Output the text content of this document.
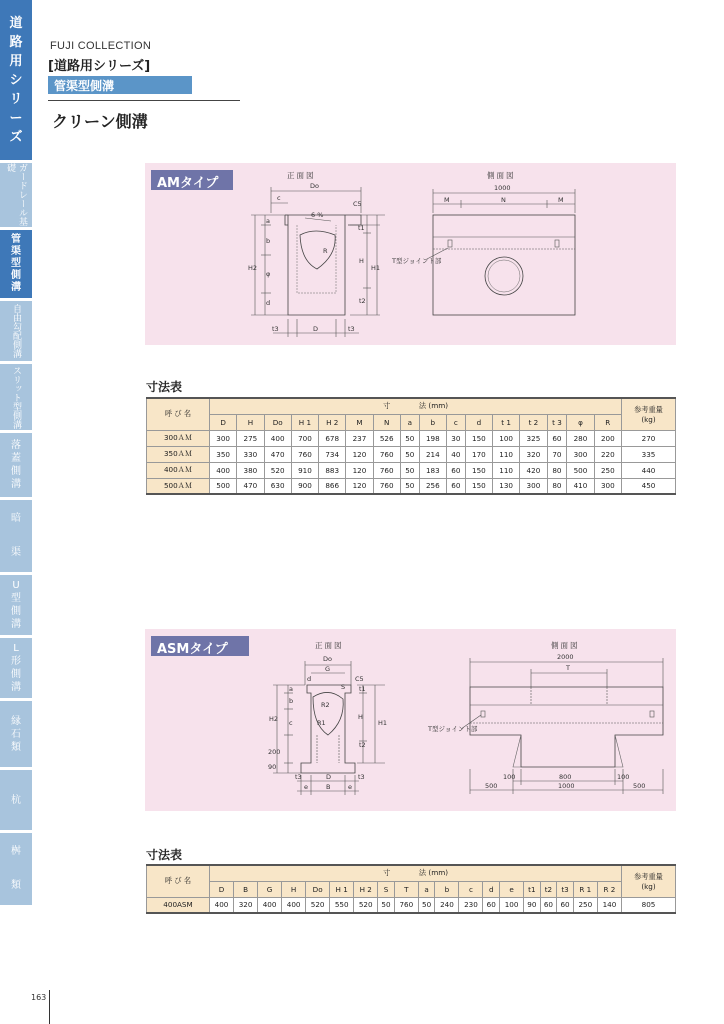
道
路
用
シ
リ
ー
ズ
ガードレール基礎
管
渠
型
側
溝
自由勾配側溝
スリット型側溝
落
蓋
側
溝
暗
渠
U
型
側
溝
L
形
側
溝
縁
石
類
杭
桝
類
FUJI COLLECTION
[道路用シリーズ]
管渠型側溝
クリーン側溝
正面図
Do
c
6 %
C5
a
b
φ
d
R
H2
t1
H
H1
t2
t3	D	t3
側面図
1000
M	N	M
T型ジョイント部
AMタイプ
寸法表
呼 び 名	寸　　　　法 (mm)																参考重量
(kg)
	D	H	Do	H 1	H 2	M	N	a	b	c	d	t 1	t 2	t 3	φ	R	
300ＡＭ	300	275	400	700	678	237	526	50	198	30	150	100	325	60	280	200	270
350ＡＭ	350	330	470	760	734	120	760	50	214	40	170	110	320	70	300	220	335
400ＡＭ	400	380	520	910	883	120	760	50	183	60	150	110	420	80	500	250	440
500ＡＭ	500	470	630	900	866	120	760	50	256	60	150	130	300	80	410	300	450
正面図
Do
G
C5
d
S
a
b
c
R2
R1
H2
t1
H
H1
t2
90
200
t3	D	t3
e	B	e
側面図
2000
T
T型ジョイント部
100	800	100
500	1000	500
ASMタイプ
寸法表
呼 び 名	寸　　　　法 (mm)																			参考重量
(kg)
	D	B	G	H	Do	H 1	H 2	S	T	a	b	c	d	e	t1	t2	t3	R 1	R 2	
400ASM	400	320	400	400	520	550	520	50	760	50	240	230	60	100	90	60	60	250	140	805
163
